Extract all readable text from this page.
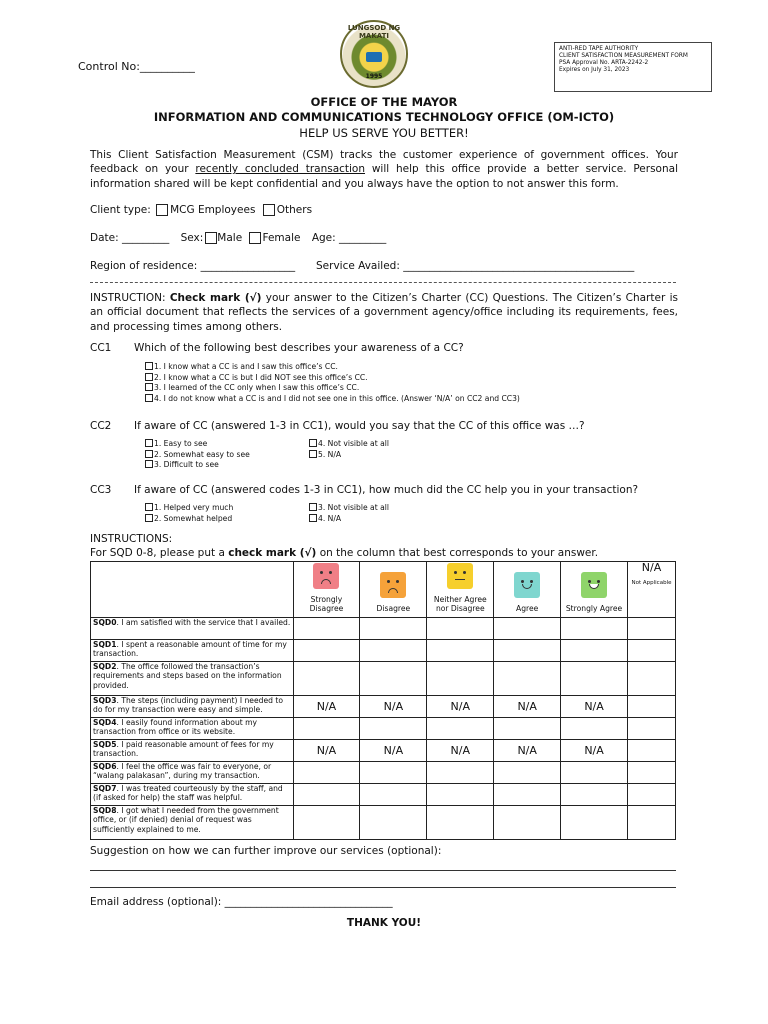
Control No:__________
LUNGSOD NG MAKATI
1995
ANTI-RED TAPE AUTHORITY
CLIENT SATISFACTION MEASUREMENT FORM
PSA Approval No. ARTA-2242-2
Expires on July 31, 2023
OFFICE OF THE MAYOR
INFORMATION AND COMMUNICATIONS TECHNOLOGY OFFICE (OM-ICTO)
HELP US SERVE YOU BETTER!
This Client Satisfaction Measurement (CSM) tracks the customer experience of government offices. Your feedback on your recently concluded transaction will help this office provide a better service. Personal information shared will be kept confidential and you always have the option to not answer this form.
Client type: MCG Employees Others
Date: _________ Sex: Male Female Age: _________
Region of residence: __________________ Service Availed: ____________________________________________
INSTRUCTION: Check mark (√) your answer to the Citizen’s Charter (CC) Questions. The Citizen’s Charter is an official document that reflects the services of a government agency/office including its requirements, fees, and processing times among others.
CC1 Which of the following best describes your awareness of a CC?
1. I know what a CC is and I saw this office’s CC.
2. I know what a CC is but I did NOT see this office’s CC.
3. I learned of the CC only when I saw this office’s CC.
4. I do not know what a CC is and I did not see one in this office. (Answer ‘N/A’ on CC2 and CC3)
CC2 If aware of CC (answered 1-3 in CC1), would you say that the CC of this office was …?
1. Easy to see
2. Somewhat easy to see
3. Difficult to see
4. Not visible at all
5. N/A
CC3 If aware of CC (answered codes 1-3 in CC1), how much did the CC help you in your transaction?
1. Helped very much
2. Somewhat helped
3. Not visible at all
4. N/A
INSTRUCTIONS:
For SQD 0-8, please put a check mark (√) on the column that best corresponds to your answer.

	Strongly Disagree	Disagree	Neither Agree nor Disagree	Agree	Strongly Agree	N/A
Not Applicable

SQD0. I am satisfied with the service that I availed.						
SQD1. I spent a reasonable amount of time for my transaction.						
SQD2. The office followed the transaction’s requirements and steps based on the information provided.						
SQD3. The steps (including payment) I needed to do for my transaction were easy and simple.	N/A	N/A	N/A	N/A	N/A	
SQD4. I easily found information about my transaction from office or its website.						
SQD5. I paid reasonable amount of fees for my transaction.	N/A	N/A	N/A	N/A	N/A	
SQD6. I feel the office was fair to everyone, or “walang palakasan”, during my transaction.						
SQD7. I was treated courteously by the staff, and (if asked for help) the staff was helpful.						
SQD8. I got what I needed from the government office, or (if denied) denial of request was sufficiently explained to me.						
Suggestion on how we can further improve our services (optional):
Email address (optional): ________________________________
THANK YOU!
